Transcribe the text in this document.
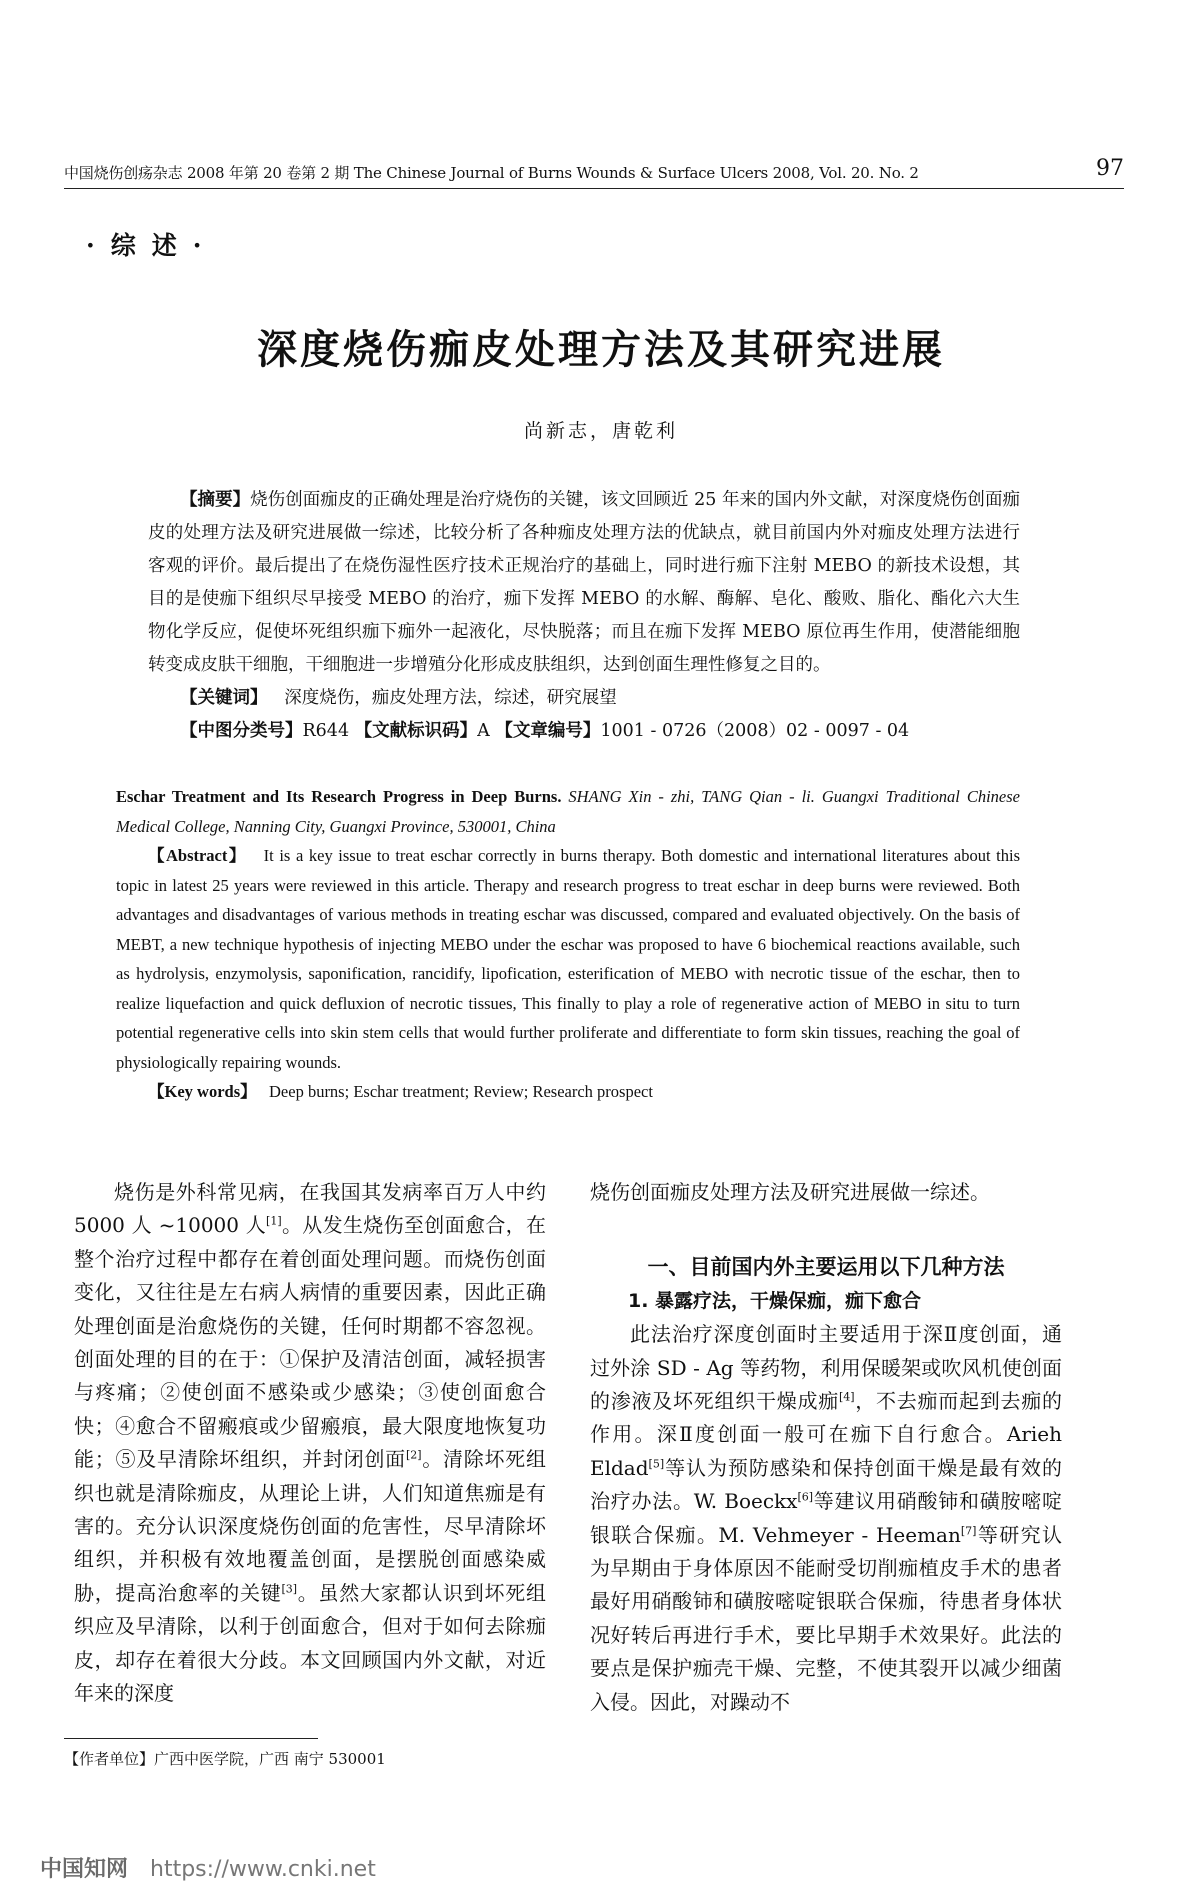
中国烧伤创疡杂志 2008 年第 20 卷第 2 期 The Chinese Journal of Burns Wounds & Surface Ulcers 2008, Vol. 20. No. 2	97
·综述·
深度烧伤痂皮处理方法及其研究进展
尚新志，唐乾利

【摘要】烧伤创面痂皮的正确处理是治疗烧伤的关键，该文回顾近 25 年来的国内外文献，对深度烧伤创面痂皮的处理方法及研究进展做一综述，比较分析了各种痂皮处理方法的优缺点，就目前国内外对痂皮处理方法进行客观的评价。最后提出了在烧伤湿性医疗技术正规治疗的基础上，同时进行痂下注射 MEBO 的新技术设想，其目的是使痂下组织尽早接受 MEBO 的治疗，痂下发挥 MEBO 的水解、酶解、皂化、酸败、脂化、酯化六大生物化学反应，促使坏死组织痂下痂外一起液化，尽快脱落；而且在痂下发挥 MEBO 原位再生作用，使潜能细胞转变成皮肤干细胞，干细胞进一步增殖分化形成皮肤组织，达到创面生理性修复之目的。

【关键词】 深度烧伤，痂皮处理方法，综述，研究展望

【中图分类号】R644 【文献标识码】A 【文章编号】1001 - 0726（2008）02 - 0097 - 04

Eschar Treatment and Its Research Progress in Deep Burns. SHANG Xin - zhi, TANG Qian - li. Guangxi Traditional Chinese Medical College, Nanning City, Guangxi Province, 530001, China

【Abstract】 It is a key issue to treat eschar correctly in burns therapy. Both domestic and international literatures about this topic in latest 25 years were reviewed in this article. Therapy and research progress to treat eschar in deep burns were reviewed. Both advantages and disadvantages of various methods in treating eschar was discussed, compared and evaluated objectively. On the basis of MEBT, a new technique hypothesis of injecting MEBO under the eschar was proposed to have 6 biochemical reactions available, such as hydrolysis, enzymolysis, saponification, rancidify, lipofication, esterification of MEBO with necrotic tissue of the eschar, then to realize liquefaction and quick defluxion of necrotic tissues, This finally to play a role of regenerative action of MEBO in situ to turn potential regenerative cells into skin stem cells that would further proliferate and differentiate to form skin tissues, reaching the goal of physiologically repairing wounds.

【Key words】 Deep burns; Eschar treatment; Review; Research prospect

烧伤是外科常见病，在我国其发病率百万人中约 5000 人 ~10000 人[1]。从发生烧伤至创面愈合，在整个治疗过程中都存在着创面处理问题。而烧伤创面变化，又往往是左右病人病情的重要因素，因此正确处理创面是治愈烧伤的关键，任何时期都不容忽视。创面处理的目的在于：①保护及清洁创面，减轻损害与疼痛；②使创面不感染或少感染；③使创面愈合快；④愈合不留瘢痕或少留瘢痕，最大限度地恢复功能；⑤及早清除坏组织，并封闭创面[2]。清除坏死组织也就是清除痂皮，从理论上讲，人们知道焦痂是有害的。充分认识深度烧伤创面的危害性，尽早清除坏组织，并积极有效地覆盖创面，是摆脱创面感染威胁，提高治愈率的关键[3]。虽然大家都认识到坏死组织应及早清除，以利于创面愈合，但对于如何去除痂皮，却存在着很大分歧。本文回顾国内外文献，对近年来的深度

烧伤创面痂皮处理方法及研究进展做一综述。

一、目前国内外主要运用以下几种方法

1. 暴露疗法，干燥保痂，痂下愈合

此法治疗深度创面时主要适用于深Ⅱ度创面，通过外涂 SD - Ag 等药物，利用保暖架或吹风机使创面的渗液及坏死组织干燥成痂[4]，不去痂而起到去痂的作用。深Ⅱ度创面一般可在痂下自行愈合。Arieh Eldad[5]等认为预防感染和保持创面干燥是最有效的治疗办法。W. Boeckx[6]等建议用硝酸铈和磺胺嘧啶银联合保痂。M. Vehmeyer - Heeman[7]等研究认为早期由于身体原因不能耐受切削痂植皮手术的患者最好用硝酸铈和磺胺嘧啶银联合保痂，待患者身体状况好转后再进行手术，要比早期手术效果好。此法的要点是保护痂壳干燥、完整，不使其裂开以减少细菌入侵。因此，对躁动不

【作者单位】广西中医学院，广西 南宁 530001
中国知网 https://www.cnki.net
